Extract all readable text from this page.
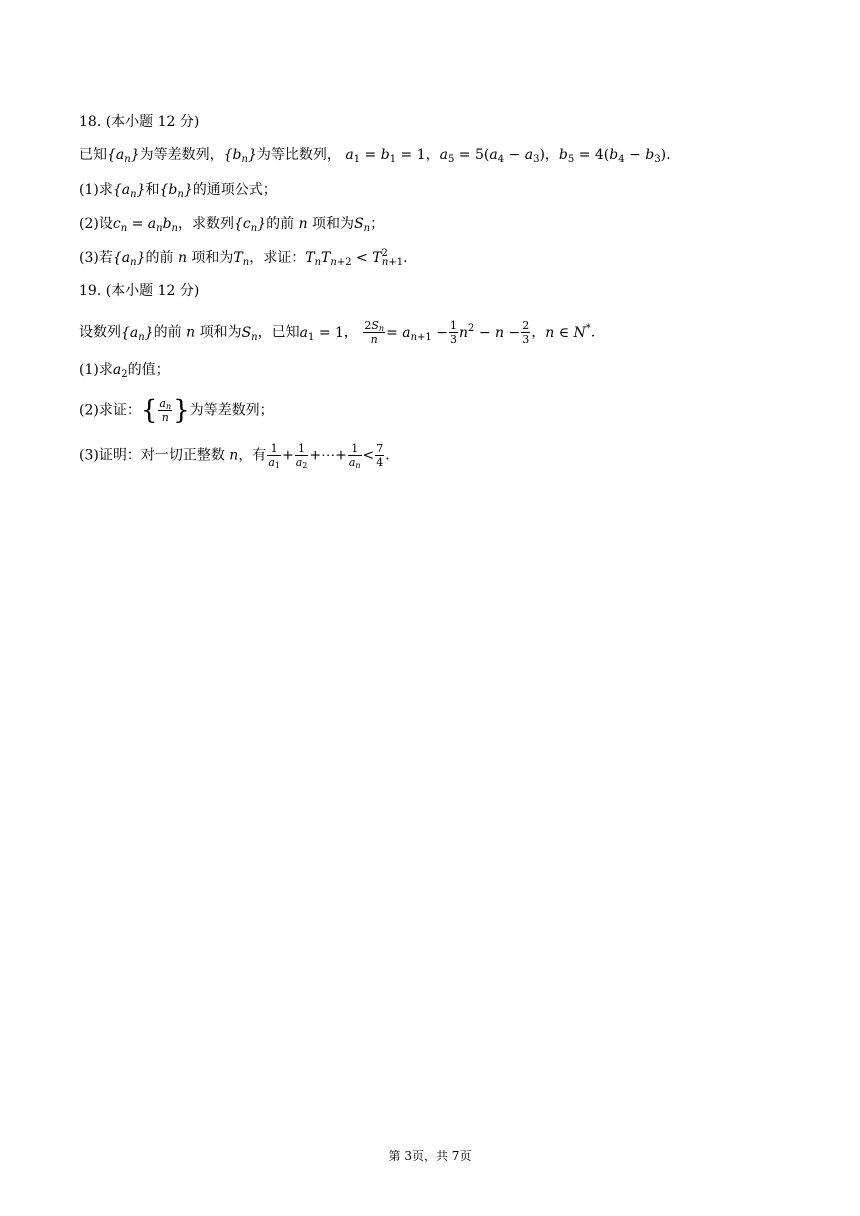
18. (本小题 12 分)
已知$\{a_n\}$为等差数列，$\{b_n\}$为等比数列， $a_1 = b_1 = 1$，$a_5 = 5(a_4 - a_3)$，$b_5 = 4(b_4 - b_3)$.
(1)求$\{a_n\}$和$\{b_n\}$的通项公式；
(2)设$c_n = a_nb_n$，求数列$\{c_n\}$的前 n 项和为$S_n$；
(3)若$\{a_n\}$的前 n 项和为$T_n$，求证：$T_nT_{n+2} < T^2_{n+1}$.
19. (本小题 12 分)
设数列$\{a_n\}$的前 n 项和为$S_n$，已知$a_1 = 1$， $\frac{2S_n}{n} = a_{n+1} - \frac{1}{3} n^2 - n - \frac{2}{3}$ ，n ∈ N*.
(1)求$a_2$的值；
(2)求证：{ $\frac{a_n}{n}$ }为等差数列；
(3)证明：对一切正整数 n，有 $\frac{1}{a_1} + \frac{1}{a_2}$ +⋯+ $\frac{1}{a_n} < \frac{7}{4}$ .
第 3页，共 7页
